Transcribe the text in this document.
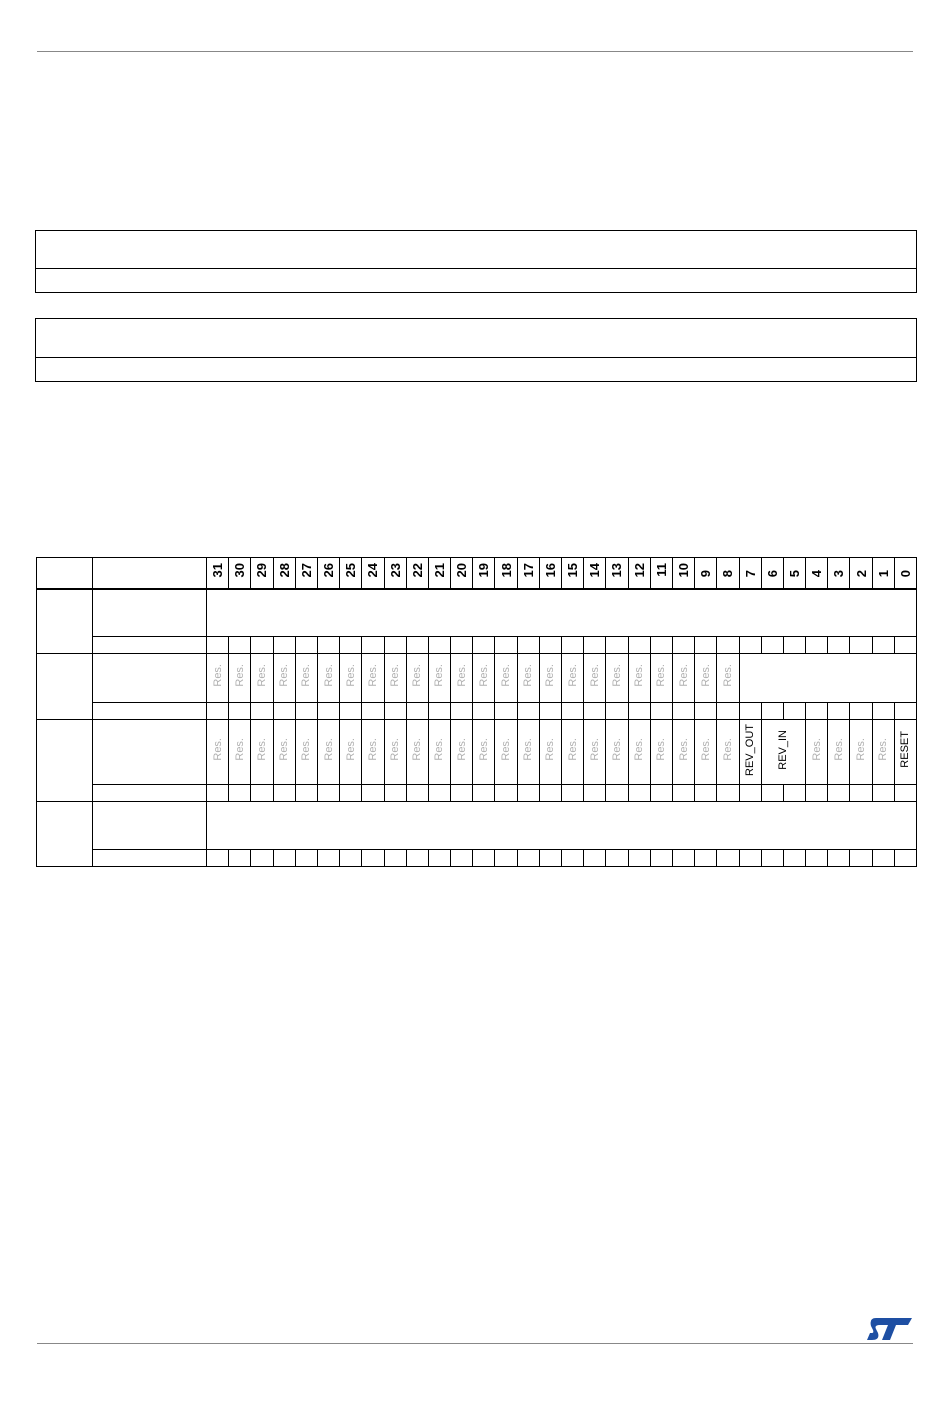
		31	30	29	28	27	26	25	24	23	22	21	20	19	18	17	16	15	14	13	12	11	10	9	8	7	6	5	4	3	2	1	0

		Res.	Res.	Res.	Res.	Res.	Res.	Res.	Res.	Res.	Res.	Res.	Res.	Res.	Res.	Res.	Res.	Res.	Res.	Res.	Res.	Res.	Res.	Res.	Res.								

		Res.	Res.	Res.	Res.	Res.	Res.	Res.	Res.	Res.	Res.	Res.	Res.	Res.	Res.	Res.	Res.	Res.	Res.	Res.	Res.	Res.	Res.	Res.	Res.	REV_OUT	REV_IN		Res.	Res.	Res.	Res.	RESET
